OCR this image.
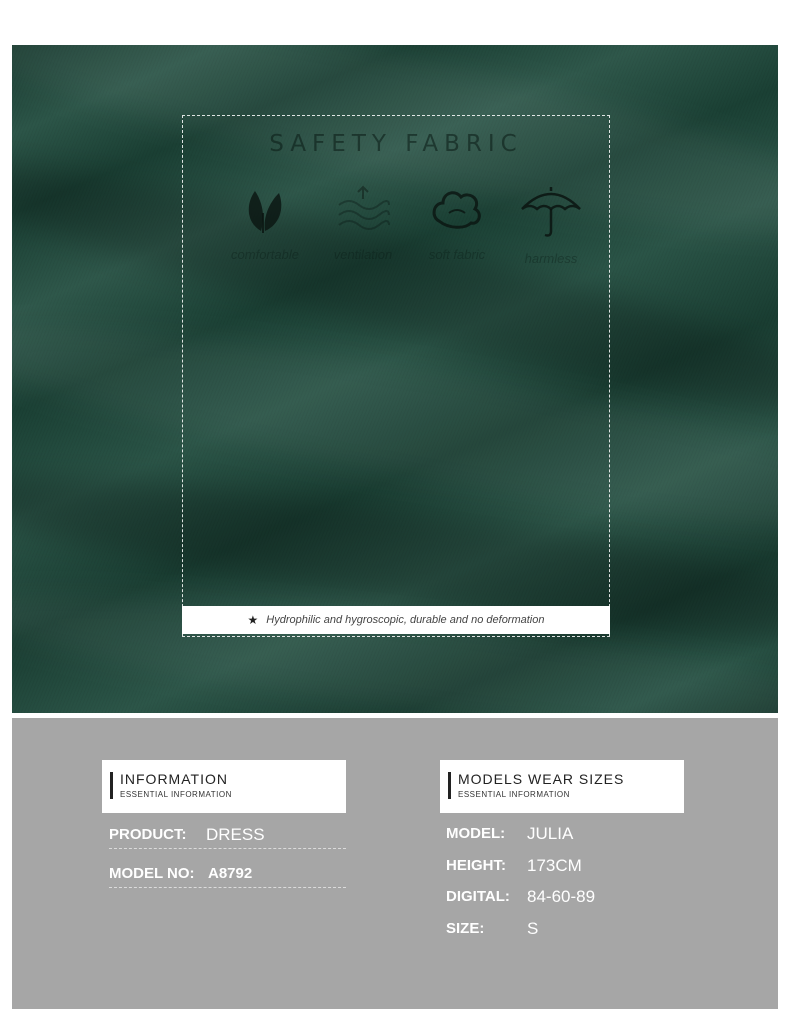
SAFETY FABRIC
comfortable	ventilation	soft fabric	harmless
★ Hydrophilic and hygroscopic, durable and no deformation
INFORMATION
ESSENTIAL INFORMATION
PRODUCT: DRESS
MODEL NO: A8792
MODELS WEAR SIZES
ESSENTIAL INFORMATION
MODEL: JULIA
HEIGHT: 173CM
DIGITAL: 84-60-89
SIZE:	S
